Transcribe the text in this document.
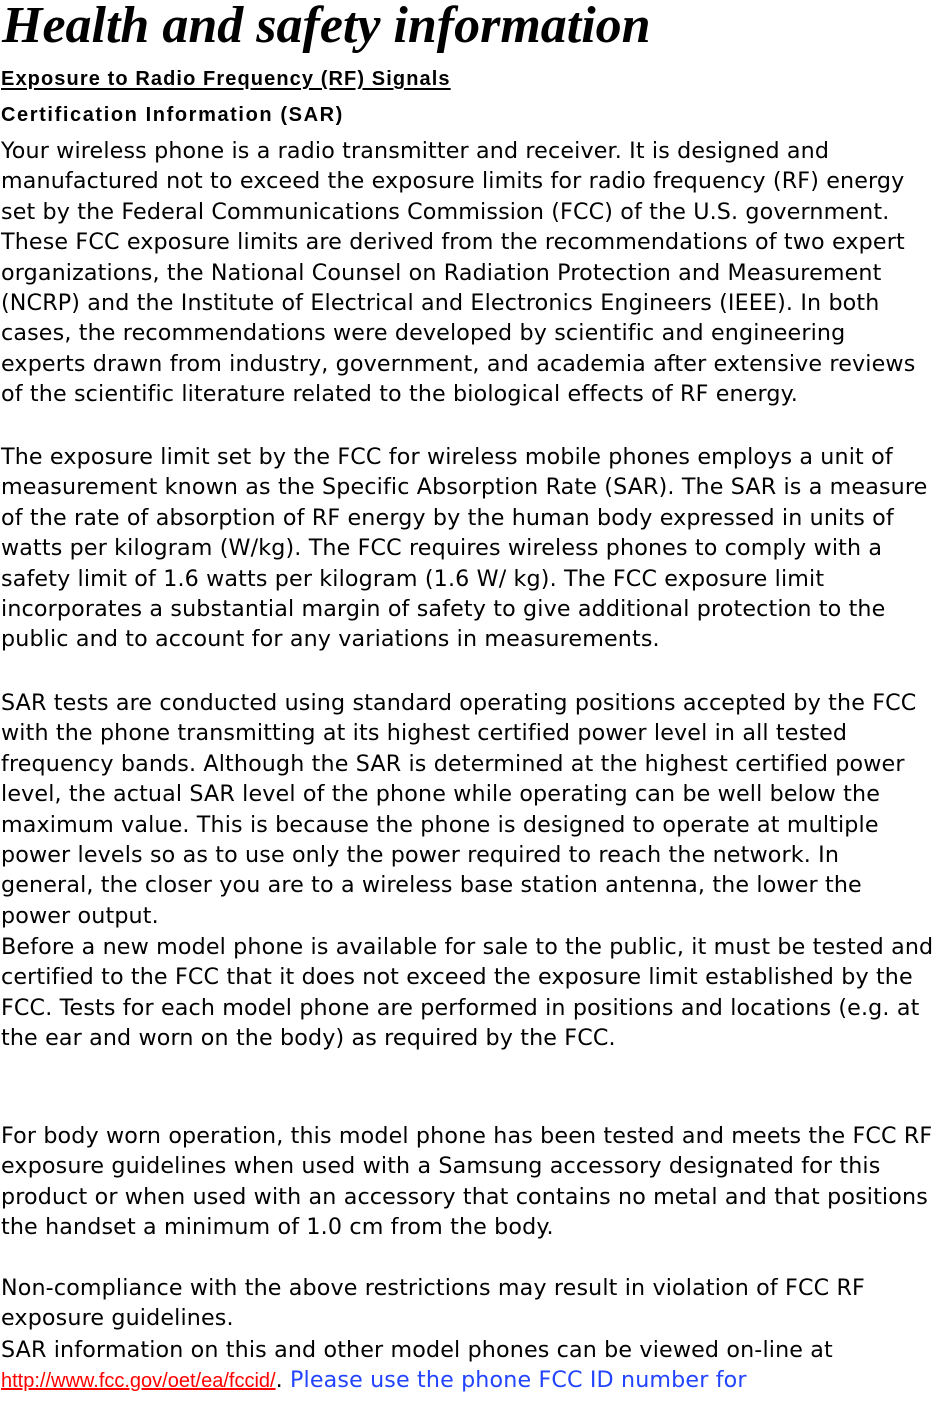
Health and safety information
Exposure to Radio Frequency (RF) Signals
Certification Information (SAR)

Your wireless phone is a radio transmitter and receiver. It is designed and manufactured not to exceed the exposure limits for radio frequency (RF) energy set by the Federal Communications Commission (FCC) of the U.S. government. These FCC exposure limits are derived from the recommendations of two expert organizations, the National Counsel on Radiation Protection and Measurement (NCRP) and the Institute of Electrical and Electronics Engineers (IEEE). In both cases, the recommendations were developed by scientific and engineering experts drawn from industry, government, and academia after extensive reviews of the scientific literature related to the biological effects of RF energy.

The exposure limit set by the FCC for wireless mobile phones employs a unit of measurement known as the Specific Absorption Rate (SAR). The SAR is a measure of the rate of absorption of RF energy by the human body expressed in units of watts per kilogram (W/kg). The FCC requires wireless phones to comply with a safety limit of 1.6 watts per kilogram (1.6 W/ kg). The FCC exposure limit incorporates a substantial margin of safety to give additional protection to the public and to account for any variations in measurements.

SAR tests are conducted using standard operating positions accepted by the FCC with the phone transmitting at its highest certified power level in all tested frequency bands. Although the SAR is determined at the highest certified power level, the actual SAR level of the phone while operating can be well below the maximum value. This is because the phone is designed to operate at multiple power levels so as to use only the power required to reach the network. In general, the closer you are to a wireless base station antenna, the lower the power output.

Before a new model phone is available for sale to the public, it must be tested and certified to the FCC that it does not exceed the exposure limit established by the FCC. Tests for each model phone are performed in positions and locations (e.g. at the ear and worn on the body) as required by the FCC.

For body worn operation, this model phone has been tested and meets the FCC RF exposure guidelines when used with a Samsung accessory designated for this product or when used with an accessory that contains no metal and that positions the handset a minimum of 1.0 cm from the body.

Non-compliance with the above restrictions may result in violation of FCC RF exposure guidelines.

SAR information on this and other model phones can be viewed on-line at
http://www.fcc.gov/oet/ea/fccid/. Please use the phone FCC ID number for
